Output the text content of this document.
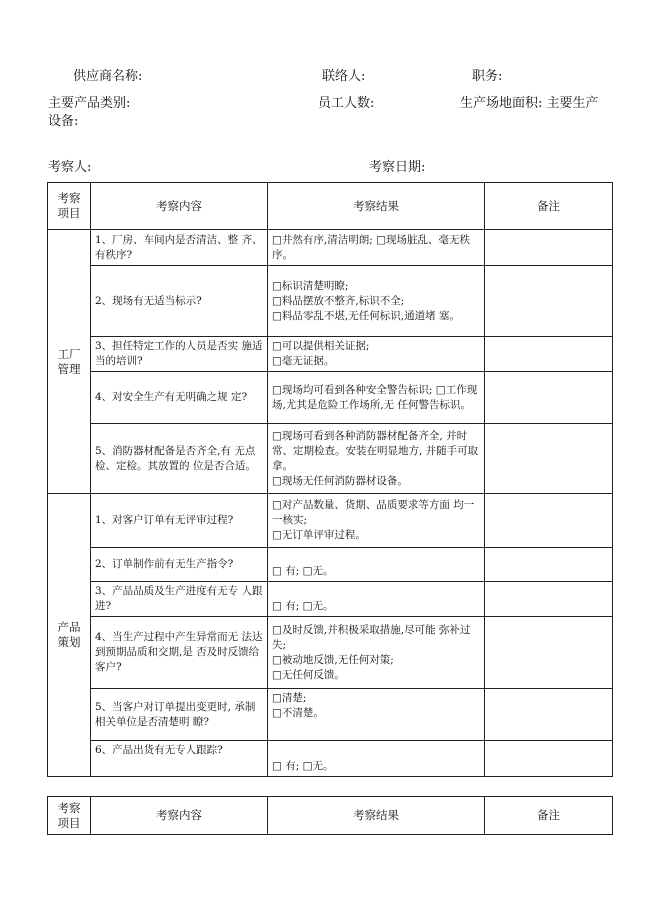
供应商名称:	联络人:	职务:
主要产品类别:	员工人数:	生产场地面积: 主要生产
设备:
考察人:	考察日期:
考察 项目	考察内容	考察结果	备注
工厂 管理	1、厂房、车间内是否清洁、整 齐、 有秩序?	□井然有序,清洁明朗; □现场脏乱、毫无秩序。	
	2、现场有无适当标示?	□标识清楚明瞭;
□料品摆放不整齐,标识不全;
□料品零乱不堪,无任何标识,通道堵 塞。	

	3、担任特定工作的人员是否实 施适当的培训?	□可以提供相关证据;
□毫无证据。	

	4、对安全生产有无明确之规 定?	□现场均可看到各种安全警告标识; □工作现场,尤其是危险工作场所,无 任何警告标识。	
	5、消防器材配备是否齐全,有 无点检、定检。其放置的 位是否合适。	□现场可看到各种消防器材配备齐全, 并时常、定期检查。安装在明显地方, 并随手可取拿。
□现场无任何消防器材设备。	

产品 策划	1、对客户订单有无评审过程?	□对产品数量、货期、品质要求等方面 均一一核实;
□无订单评审过程。	

	2、订单制作前有无生产指令?	□ 有; □无。	
	3、产品品质及生产进度有无专 人跟进?	□ 有; □无。	
	4、当生产过程中产生异常而无 法达到预期品质和交期,是 否及时反馈给客户?	□及时反馈,并积极采取措施,尽可能 弥补过失;
□被动地反馈,无任何对策;
□无任何反馈。	

	5、当客户对订单提出变更时, 承制相关单位是否清楚明 瞭?	□清楚;
□不清楚。	

	6、产品出货有无专人跟踪?	□ 有; □无。	
考察 项目	考察内容	考察结果	备注
